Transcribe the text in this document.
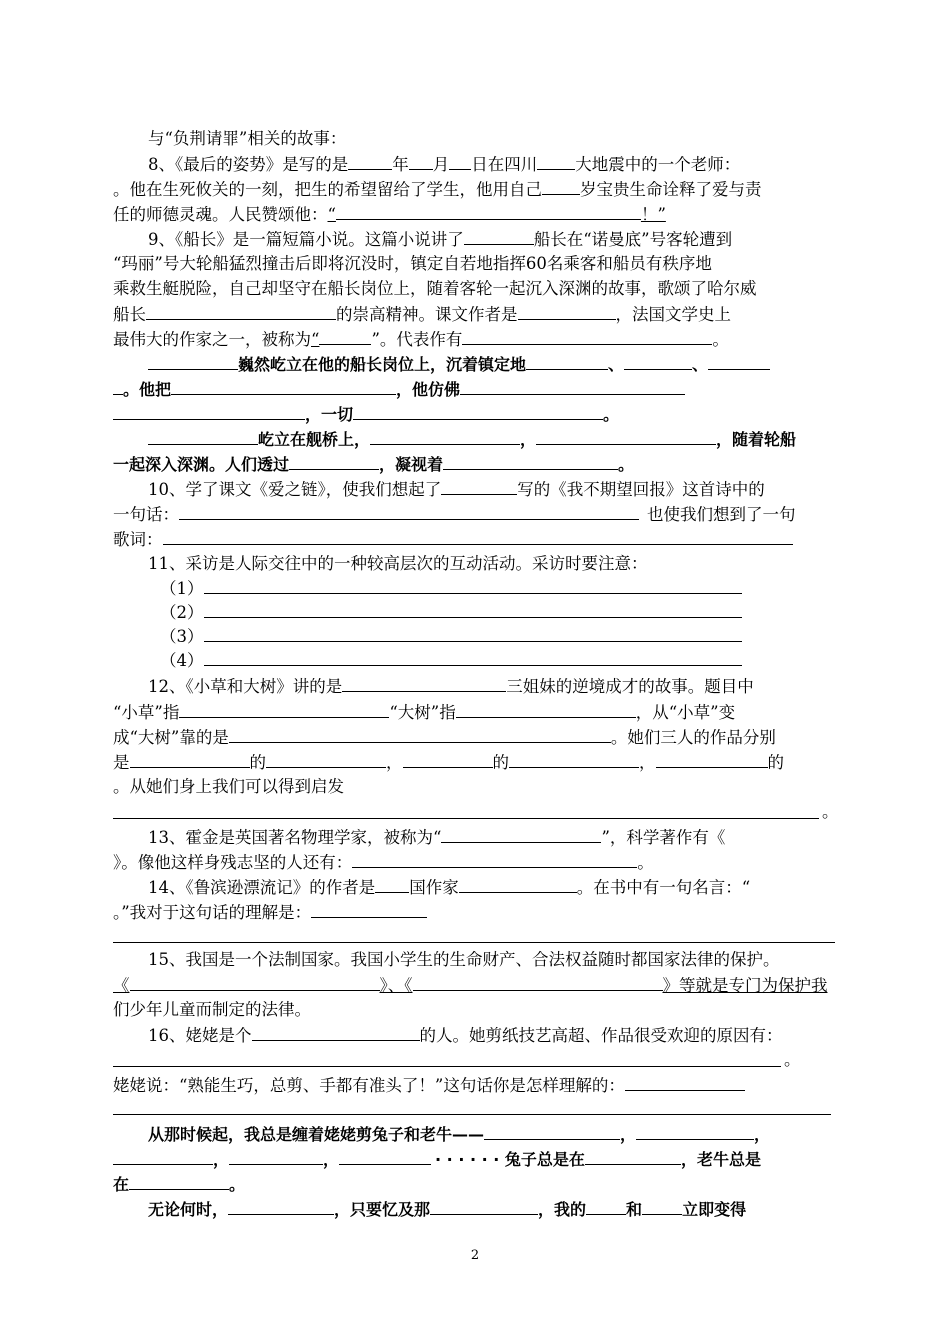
与“负荆请罪”相关的故事：
8、《最后的姿势》是写的是	年 月 日在四川 大地震中的一个老师：
。他在生死攸关的一刻，把生的希望留给了学生，他用自己 岁宝贵生命诠释了爱与责
任的师德灵魂。人民赞颂他：“	！”
9、《船长》是一篇短篇小说。这篇小说讲了	船长在“诺曼底”号客轮遭到
“玛丽”号大轮船猛烈撞击后即将沉没时，镇定自若地指挥60名乘客和船员有秩序地
乘救生艇脱险，自己却坚守在船长岗位上，随着客轮一起沉入深渊的故事，歌颂了哈尔威
船长	的崇高精神。课文作者是	，法国文学史上
最伟大的作家之一，被称为“	”。代表作有	。
巍然屹立在他的船长岗位上，沉着镇定地	、	、
。他把	，他仿佛
，一切	。
屹立在舰桥上，	，	，随着轮船
一起深入深渊。人们透过	，凝视着	。
10、学了课文《爱之链》，使我们想起了	写的《我不期望回报》这首诗中的
一句话：	也使我们想到了一句
歌词：
11、采访是人际交往中的一种较高层次的互动活动。采访时要注意：
（1）
（2）
（3）
（4）
12、《小草和大树》讲的是	三姐妹的逆境成才的故事。题目中
“小草”指	“大树”指	，从“小草”变
成“大树”靠的是	。她们三人的作品分别
是	的	，	的	，	的
。从她们身上我们可以得到启发
。
13、霍金是英国著名物理学家，被称为“	”，科学著作有《
》。像他这样身残志坚的人还有：	。
14、《鲁滨逊漂流记》的作者是 国作家	。在书中有一句名言：“
。”我对于这句话的理解是：
15、我国是一个法制国家。我国小学生的生命财产、合法权益随时都国家法律的保护。
《	》、《	》等就是专门为保护我
们少年儿童而制定的法律。
16、姥姥是个	的人。她剪纸技艺高超、作品很受欢迎的原因有：
。
姥姥说：“熟能生巧，总剪、手都有准头了！”这句话你是怎样理解的：
从那时候起，我总是缠着姥姥剪兔子和老牛——	，	，
，	，	· · · · · · 兔子总是在	，老牛总是
在	。
无论何时，	，只要忆及那	，我的	和	立即变得
2
